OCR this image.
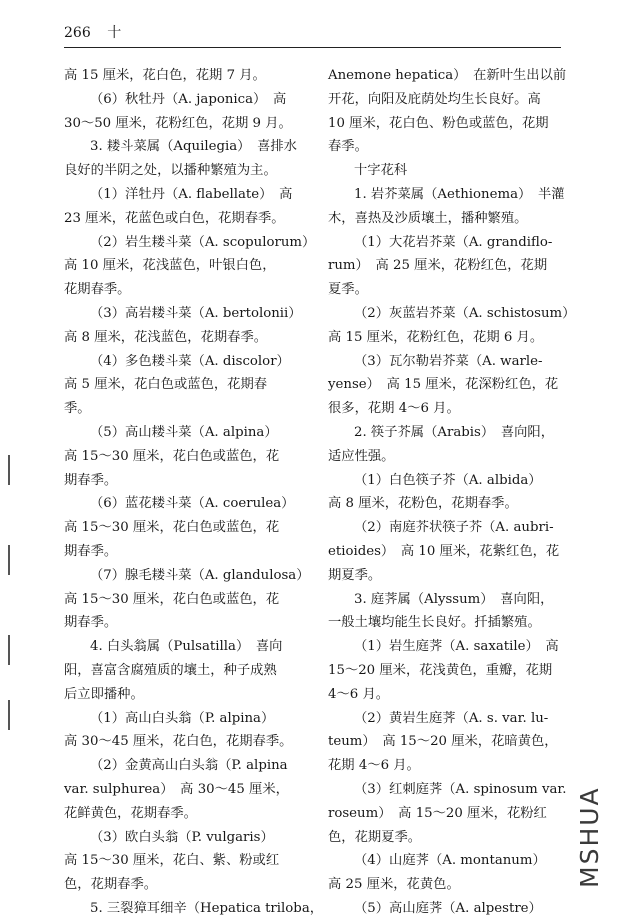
266 十
高 15 厘米，花白色，花期 7 月。
（6）秋牡丹（A. japonica）　高
30～50 厘米，花粉红色，花期 9 月。
3. 耧斗菜属（Aquilegia）　喜排水
良好的半阴之处，以播种繁殖为主。
（1）洋牡丹（A. flabellate）　高
23 厘米，花蓝色或白色，花期春季。
（2）岩生耧斗菜（A. scopulorum）
高 10 厘米，花浅蓝色，叶银白色，
花期春季。
（3）高岩耧斗菜（A. bertolonii）
高 8 厘米，花浅蓝色，花期春季。
（4）多色耧斗菜（A. discolor）
高 5 厘米，花白色或蓝色，花期春
季。
（5）高山耧斗菜（A. alpina）
高 15～30 厘米，花白色或蓝色，花
期春季。
（6）蓝花耧斗菜（A. coerulea）
高 15～30 厘米，花白色或蓝色，花
期春季。
（7）腺毛耧斗菜（A. glandulosa）
高 15～30 厘米，花白色或蓝色，花
期春季。
4. 白头翁属（Pulsatilla）　喜向
阳，喜富含腐殖质的壤土，种子成熟
后立即播种。
（1）高山白头翁（P. alpina）
高 30～45 厘米，花白色，花期春季。
（2）金黄高山白头翁（P. alpina
var. sulphurea）　高 30～45 厘米，
花鲜黄色，花期春季。
（3）欧白头翁（P. vulgaris）
高 15～30 厘米，花白、紫、粉或红
色，花期春季。
5. 三裂獐耳细辛（Hepatica triloba，
Anemone hepatica）　在新叶生出以前
开花，向阳及庇荫处均生长良好。高
10 厘米，花白色、粉色或蓝色，花期
春季。
十字花科
1. 岩芥菜属（Aethionema）　半灌
木，喜热及沙质壤土，播种繁殖。
（1）大花岩芥菜（A. grandiflo-
rum）　高 25 厘米，花粉红色，花期
夏季。
（2）灰蓝岩芥菜（A. schistosum）
高 15 厘米，花粉红色，花期 6 月。
（3）瓦尔勒岩芥菜（A. warle-
yense）　高 15 厘米，花深粉红色，花
很多，花期 4～6 月。
2. 筷子芥属（Arabis）　喜向阳，
适应性强。
（1）白色筷子芥（A. albida）
高 8 厘米，花粉色，花期春季。
（2）南庭芥状筷子芥（A. aubri-
etioides）　高 10 厘米，花紫红色，花
期夏季。
3. 庭荠属（Alyssum）　喜向阳，
一般土壤均能生长良好。扦插繁殖。
（1）岩生庭荠（A. saxatile）　高
15～20 厘米，花浅黄色，重瓣，花期
4～6 月。
（2）黄岩生庭荠（A. s. var. lu-
teum）　高 15～20 厘米，花暗黄色，
花期 4～6 月。
（3）红刺庭荠（A. spinosum var.
roseum）　高 15～20 厘米，花粉红
色，花期夏季。
（4）山庭荠（A. montanum）
高 25 厘米，花黄色。
（5）高山庭荠（A. alpestre）
MSHUA
